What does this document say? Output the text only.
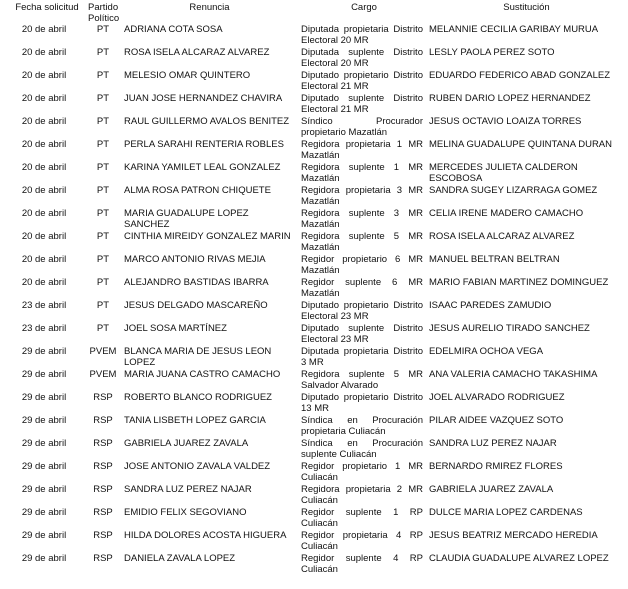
Fecha solicitud	Partido Político	Renuncia	Cargo	Sustitución
20 de abril	PT	ADRIANA COTA SOSA	Diputada propietaria Distrito Electoral 20 MR	MELANNIE CECILIA GARIBAY MURUA
20 de abril	PT	ROSA ISELA ALCARAZ ALVAREZ	Diputada suplente Distrito Electoral 20 MR	LESLY PAOLA PEREZ SOTO
20 de abril	PT	MELESIO OMAR QUINTERO	Diputado propietario Distrito Electoral 21 MR	EDUARDO FEDERICO ABAD GONZALEZ
20 de abril	PT	JUAN JOSE HERNANDEZ CHAVIRA	Diputado suplente Distrito Electoral 21 MR	RUBEN DARIO LOPEZ HERNANDEZ
20 de abril	PT	RAUL GUILLERMO AVALOS BENITEZ	Síndico Procurador propietario Mazatlán	JESUS OCTAVIO LOAIZA TORRES
20 de abril	PT	PERLA SARAHI RENTERIA ROBLES	Regidora propietaria 1 MR Mazatlán	MELINA GUADALUPE QUINTANA DURAN
20 de abril	PT	KARINA YAMILET LEAL GONZALEZ	Regidora suplente 1 MR Mazatlán	MERCEDES JULIETA CALDERON ESCOBOSA
20 de abril	PT	ALMA ROSA PATRON CHIQUETE	Regidora propietaria 3 MR Mazatlán	SANDRA SUGEY LIZARRAGA GOMEZ
20 de abril	PT	MARIA GUADALUPE LOPEZ SANCHEZ	Regidora suplente 3 MR Mazatlán	CELIA IRENE MADERO CAMACHO
20 de abril	PT	CINTHIA MIREIDY GONZALEZ MARIN	Regidora suplente 5 MR Mazatlán	ROSA ISELA ALCARAZ ALVAREZ
20 de abril	PT	MARCO ANTONIO RIVAS MEJIA	Regidor propietario 6 MR Mazatlán	MANUEL BELTRAN BELTRAN
20 de abril	PT	ALEJANDRO BASTIDAS IBARRA	Regidor suplente 6 MR Mazatlán	MARIO FABIAN MARTINEZ DOMINGUEZ
23 de abril	PT	JESUS DELGADO MASCAREÑO	Diputado propietario Distrito Electoral 23 MR	ISAAC PAREDES ZAMUDIO
23 de abril	PT	JOEL SOSA MARTÍNEZ	Diputado suplente Distrito Electoral 23 MR	JESUS AURELIO TIRADO SANCHEZ
29 de abril	PVEM	BLANCA MARIA DE JESUS LEON LOPEZ	Diputada propietaria Distrito 3 MR	EDELMIRA OCHOA VEGA
29 de abril	PVEM	MARIA JUANA CASTRO CAMACHO	Regidora suplente 5 MR Salvador Alvarado	ANA VALERIA CAMACHO TAKASHIMA
29 de abril	RSP	ROBERTO BLANCO RODRIGUEZ	Diputado propietario Distrito 13 MR	JOEL ALVARADO RODRIGUEZ
29 de abril	RSP	TANIA LISBETH LOPEZ GARCIA	Síndica en Procuración propietaria Culiacán	PILAR AIDEE VAZQUEZ SOTO
29 de abril	RSP	GABRIELA JUAREZ ZAVALA	Síndica en Procuración suplente Culiacán	SANDRA LUZ PEREZ NAJAR
29 de abril	RSP	JOSE ANTONIO ZAVALA VALDEZ	Regidor propietario 1 MR Culiacán	BERNARDO RMIREZ FLORES
29 de abril	RSP	SANDRA LUZ PEREZ NAJAR	Regidora propietaria 2 MR Culiacán	GABRIELA JUAREZ ZAVALA
29 de abril	RSP	EMIDIO FELIX SEGOVIANO	Regidor suplente 1 RP Culiacán	DULCE MARIA LOPEZ CARDENAS
29 de abril	RSP	HILDA DOLORES ACOSTA HIGUERA	Regidor propietaria 4 RP Culiacán	JESUS BEATRIZ MERCADO HEREDIA
29 de abril	RSP	DANIELA ZAVALA LOPEZ	Regidor suplente 4 RP Culiacán	CLAUDIA GUADALUPE ALVAREZ LOPEZ
